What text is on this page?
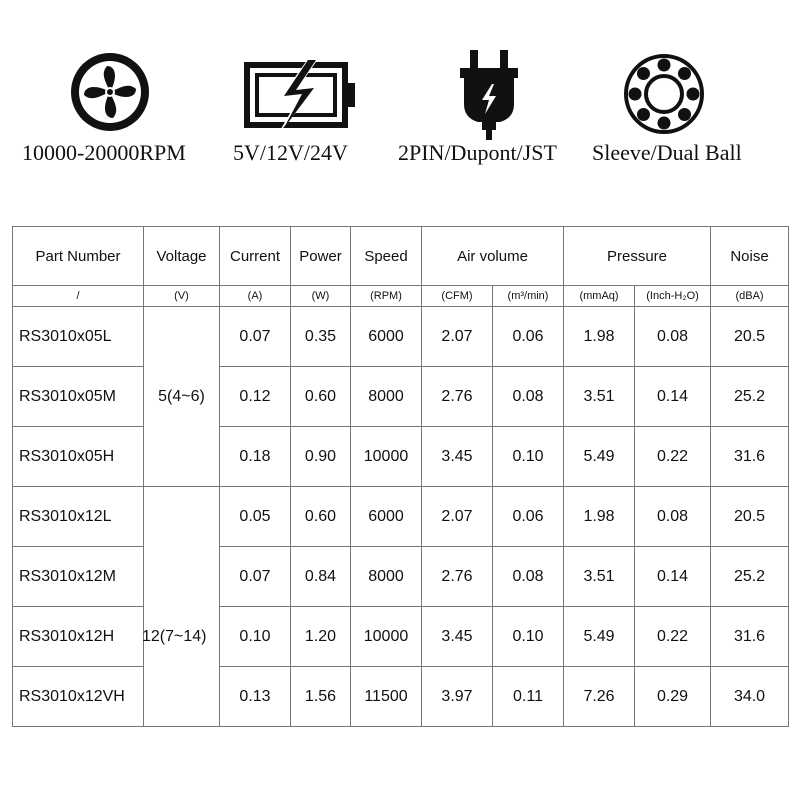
10000-20000RPM 5V/12V/24V 2PIN/Dupont/JST Sleeve/Dual Ball
Part Number	Voltage	Current	Power	Speed	Air volume		Pressure		Noise
/	(V)	(A)	(W)	(RPM)	(CFM)	(m³/min)	(mmAq)	(Inch-H₂O)	(dBA)
RS3010x05L	5(4~6)	0.07	0.35	6000	2.07	0.06	1.98	0.08	20.5
RS3010x05M		0.12	0.60	8000	2.76	0.08	3.51	0.14	25.2
RS3010x05H		0.18	0.90	10000	3.45	0.10	5.49	0.22	31.6
RS3010x12L	12(7~14)	0.05	0.60	6000	2.07	0.06	1.98	0.08	20.5
RS3010x12M		0.07	0.84	8000	2.76	0.08	3.51	0.14	25.2
RS3010x12H		0.10	1.20	10000	3.45	0.10	5.49	0.22	31.6
RS3010x12VH		0.13	1.56	11500	3.97	0.11	7.26	0.29	34.0
